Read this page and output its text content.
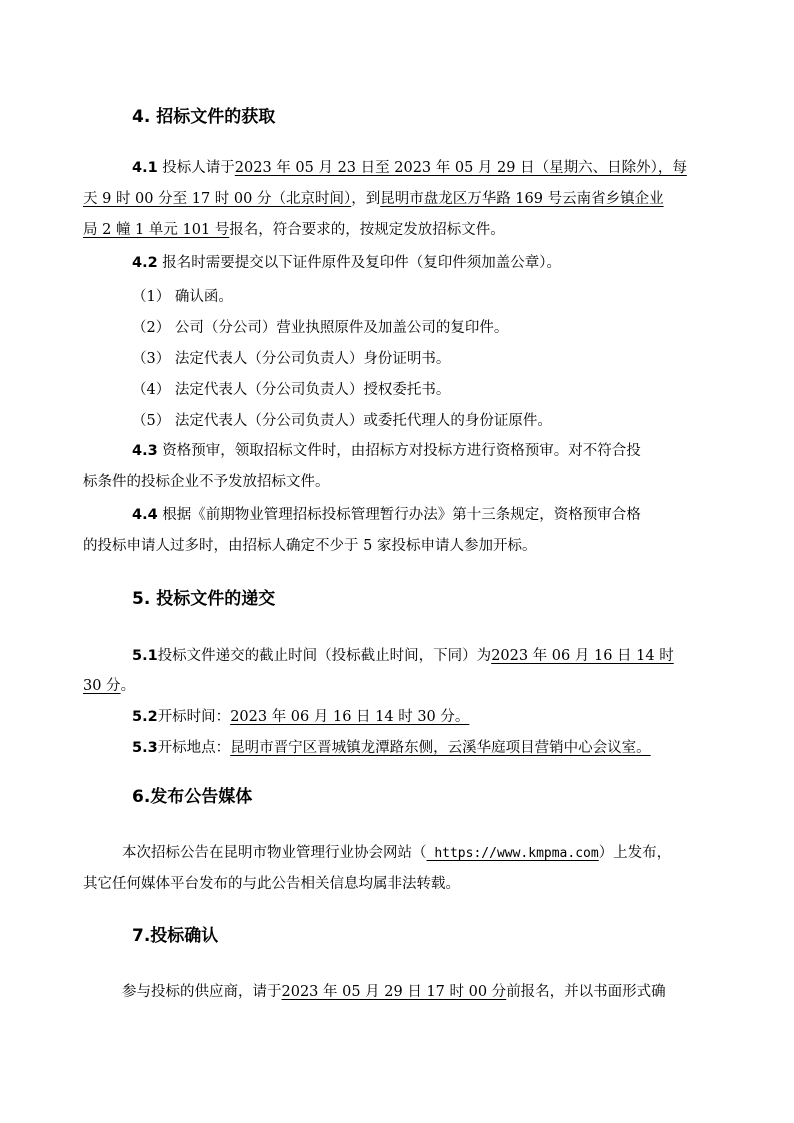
4. 招标文件的获取
4.1 投标人请于2023 年 05 月 23 日至 2023 年 05 月 29 日（星期六、日除外），每
天 9 时 00 分至 17 时 00 分（北京时间），到昆明市盘龙区万华路 169 号云南省乡镇企业
局 2 幢 1 单元 101 号报名，符合要求的，按规定发放招标文件。
4.2 报名时需要提交以下证件原件及复印件（复印件须加盖公章）。
（1） 确认函。
（2） 公司（分公司）营业执照原件及加盖公司的复印件。
（3） 法定代表人（分公司负责人）身份证明书。
（4） 法定代表人（分公司负责人）授权委托书。
（5） 法定代表人（分公司负责人）或委托代理人的身份证原件。
4.3 资格预审，领取招标文件时，由招标方对投标方进行资格预审。对不符合投
标条件的投标企业不予发放招标文件。
4.4 根据《前期物业管理招标投标管理暂行办法》第十三条规定，资格预审合格
的投标申请人过多时，由招标人确定不少于 5 家投标申请人参加开标。
5. 投标文件的递交
5.1投标文件递交的截止时间（投标截止时间，下同）为2023 年 06 月 16 日 14 时
30 分。
5.2开标时间：2023 年 06 月 16 日 14 时 30 分。
5.3开标地点：昆明市晋宁区晋城镇龙潭路东侧，云溪华庭项目营销中心会议室。
6.发布公告媒体
本次招标公告在昆明市物业管理行业协会网站（ https://www.kmpma.com）上发布，
其它任何媒体平台发布的与此公告相关信息均属非法转载。
7.投标确认
参与投标的供应商，请于2023 年 05 月 29 日 17 时 00 分前报名，并以书面形式确
